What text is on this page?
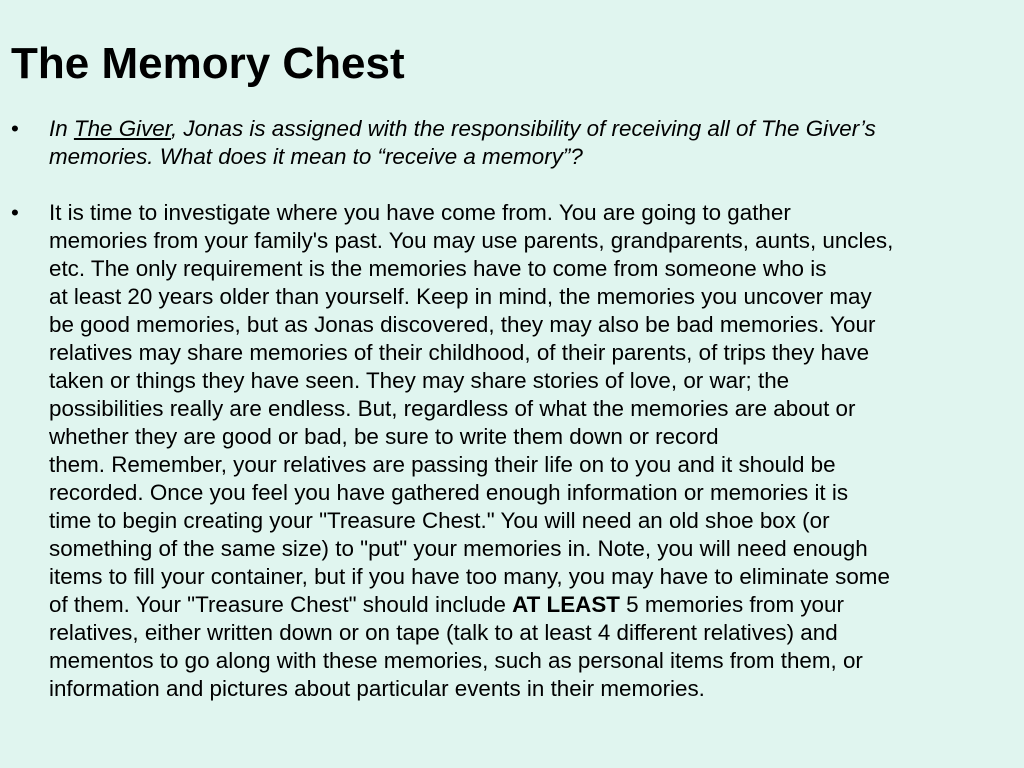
The Memory Chest
• In The Giver, Jonas is assigned with the responsibility of receiving all of The Giver’s
memories. What does it mean to “receive a memory”?
• It is time to investigate where you have come from. You are going to gather
memories from your family's past. You may use parents, grandparents, aunts, uncles,
etc. The only requirement is the memories have to come from someone who is
at least 20 years older than yourself. Keep in mind, the memories you uncover may
be good memories, but as Jonas discovered, they may also be bad memories. Your
relatives may share memories of their childhood, of their parents, of trips they have
taken or things they have seen. They may share stories of love, or war; the
possibilities really are endless. But, regardless of what the memories are about or
whether they are good or bad, be sure to write them down or record
them. Remember, your relatives are passing their life on to you and it should be
recorded. Once you feel you have gathered enough information or memories it is
time to begin creating your "Treasure Chest." You will need an old shoe box (or
something of the same size) to "put" your memories in. Note, you will need enough
items to fill your container, but if you have too many, you may have to eliminate some
of them. Your "Treasure Chest" should include AT LEAST 5 memories from your
relatives, either written down or on tape (talk to at least 4 different relatives) and
mementos to go along with these memories, such as personal items from them, or
information and pictures about particular events in their memories.
